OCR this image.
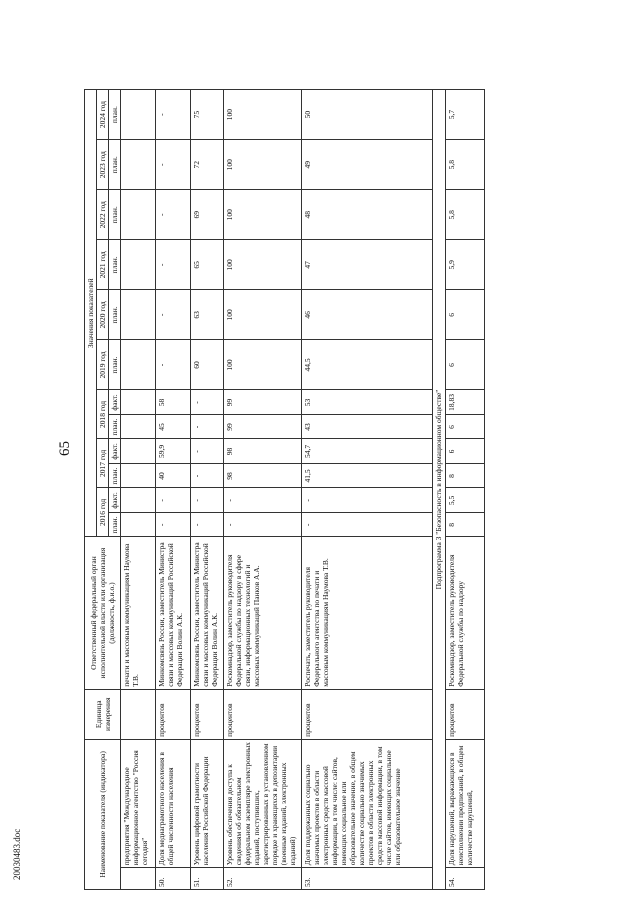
65
20030483.doc	Наименование показателя (индикатора)		Единица измерения	Ответственный федеральный орган исполнительной власти или организация (должность, ф.и.о.)	Значения показателей											
				2016 год		2017 год		2018 год		2019 год	2020 год	2021 год	2022 год	2023 год	2024 год
				план.	факт.	план.	факт.	план.	факт.	план.	план.	план.	план.	план.	план.
	предприятия "Международное информационное агентство "Россия сегодня"		печати и массовым коммуникациям Наумова Т.В.												
50.	Доля медиаграмотного населения в общей численности населения	процентов	Минкомсвязь России, заместитель Министра связи и массовых коммуникаций Российской Федерации Волин А.К.	-	-	40	59,9	45	58	-	-	-	-	-	-
51.	Уровень цифровой грамотности населения Российской Федерации	процентов	Минкомсвязь России, заместитель Министра связи и массовых коммуникаций Российской Федерации Волин А.К.	-	-	-	-	-	-	60	63	65	69	72	75
52.	Уровень обеспечения доступа к сведениям об обязательном федеральном экземпляре электронных изданий, поступивших, зарегистрированных в установленном порядке и хранящихся в депозитарии (военные изданий, электронных изданий)	процентов	Роскомнадзор, заместитель руководителя Федеральной службы по надзору в сфере связи, информационных технологий и массовых коммуникаций Панков А.А.	-	-	98	98	99	99	100	100	100	100	100	100
53.	Доля поддержанных социально значимых проектов в области электронных средств массовой информации, в том числе: сайтов, имеющих социальное или образовательное значение, в общем количестве социально значимых проектов в области электронных средств массовой информации, в том числе сайтов, имеющих социальное или образовательное значение	процентов	Роспечать, заместитель руководителя Федерального агентства по печати и массовым коммуникациям Наумова Т.В.	-	-	41,5	54,7	43	53	44,5	46	47	48	49	50
Подпрограмма 3 "Безопасность в информационном обществе"															
54.	Доля нарушений, выражающихся в неисполнении предписаний, в общем количестве нарушений,	процентов	Роскомнадзор, заместитель руководителя Федеральной службы по надзору	8	5,5	8	6	6	18,83	6	6	5,9	5,8	5,8	5,7
